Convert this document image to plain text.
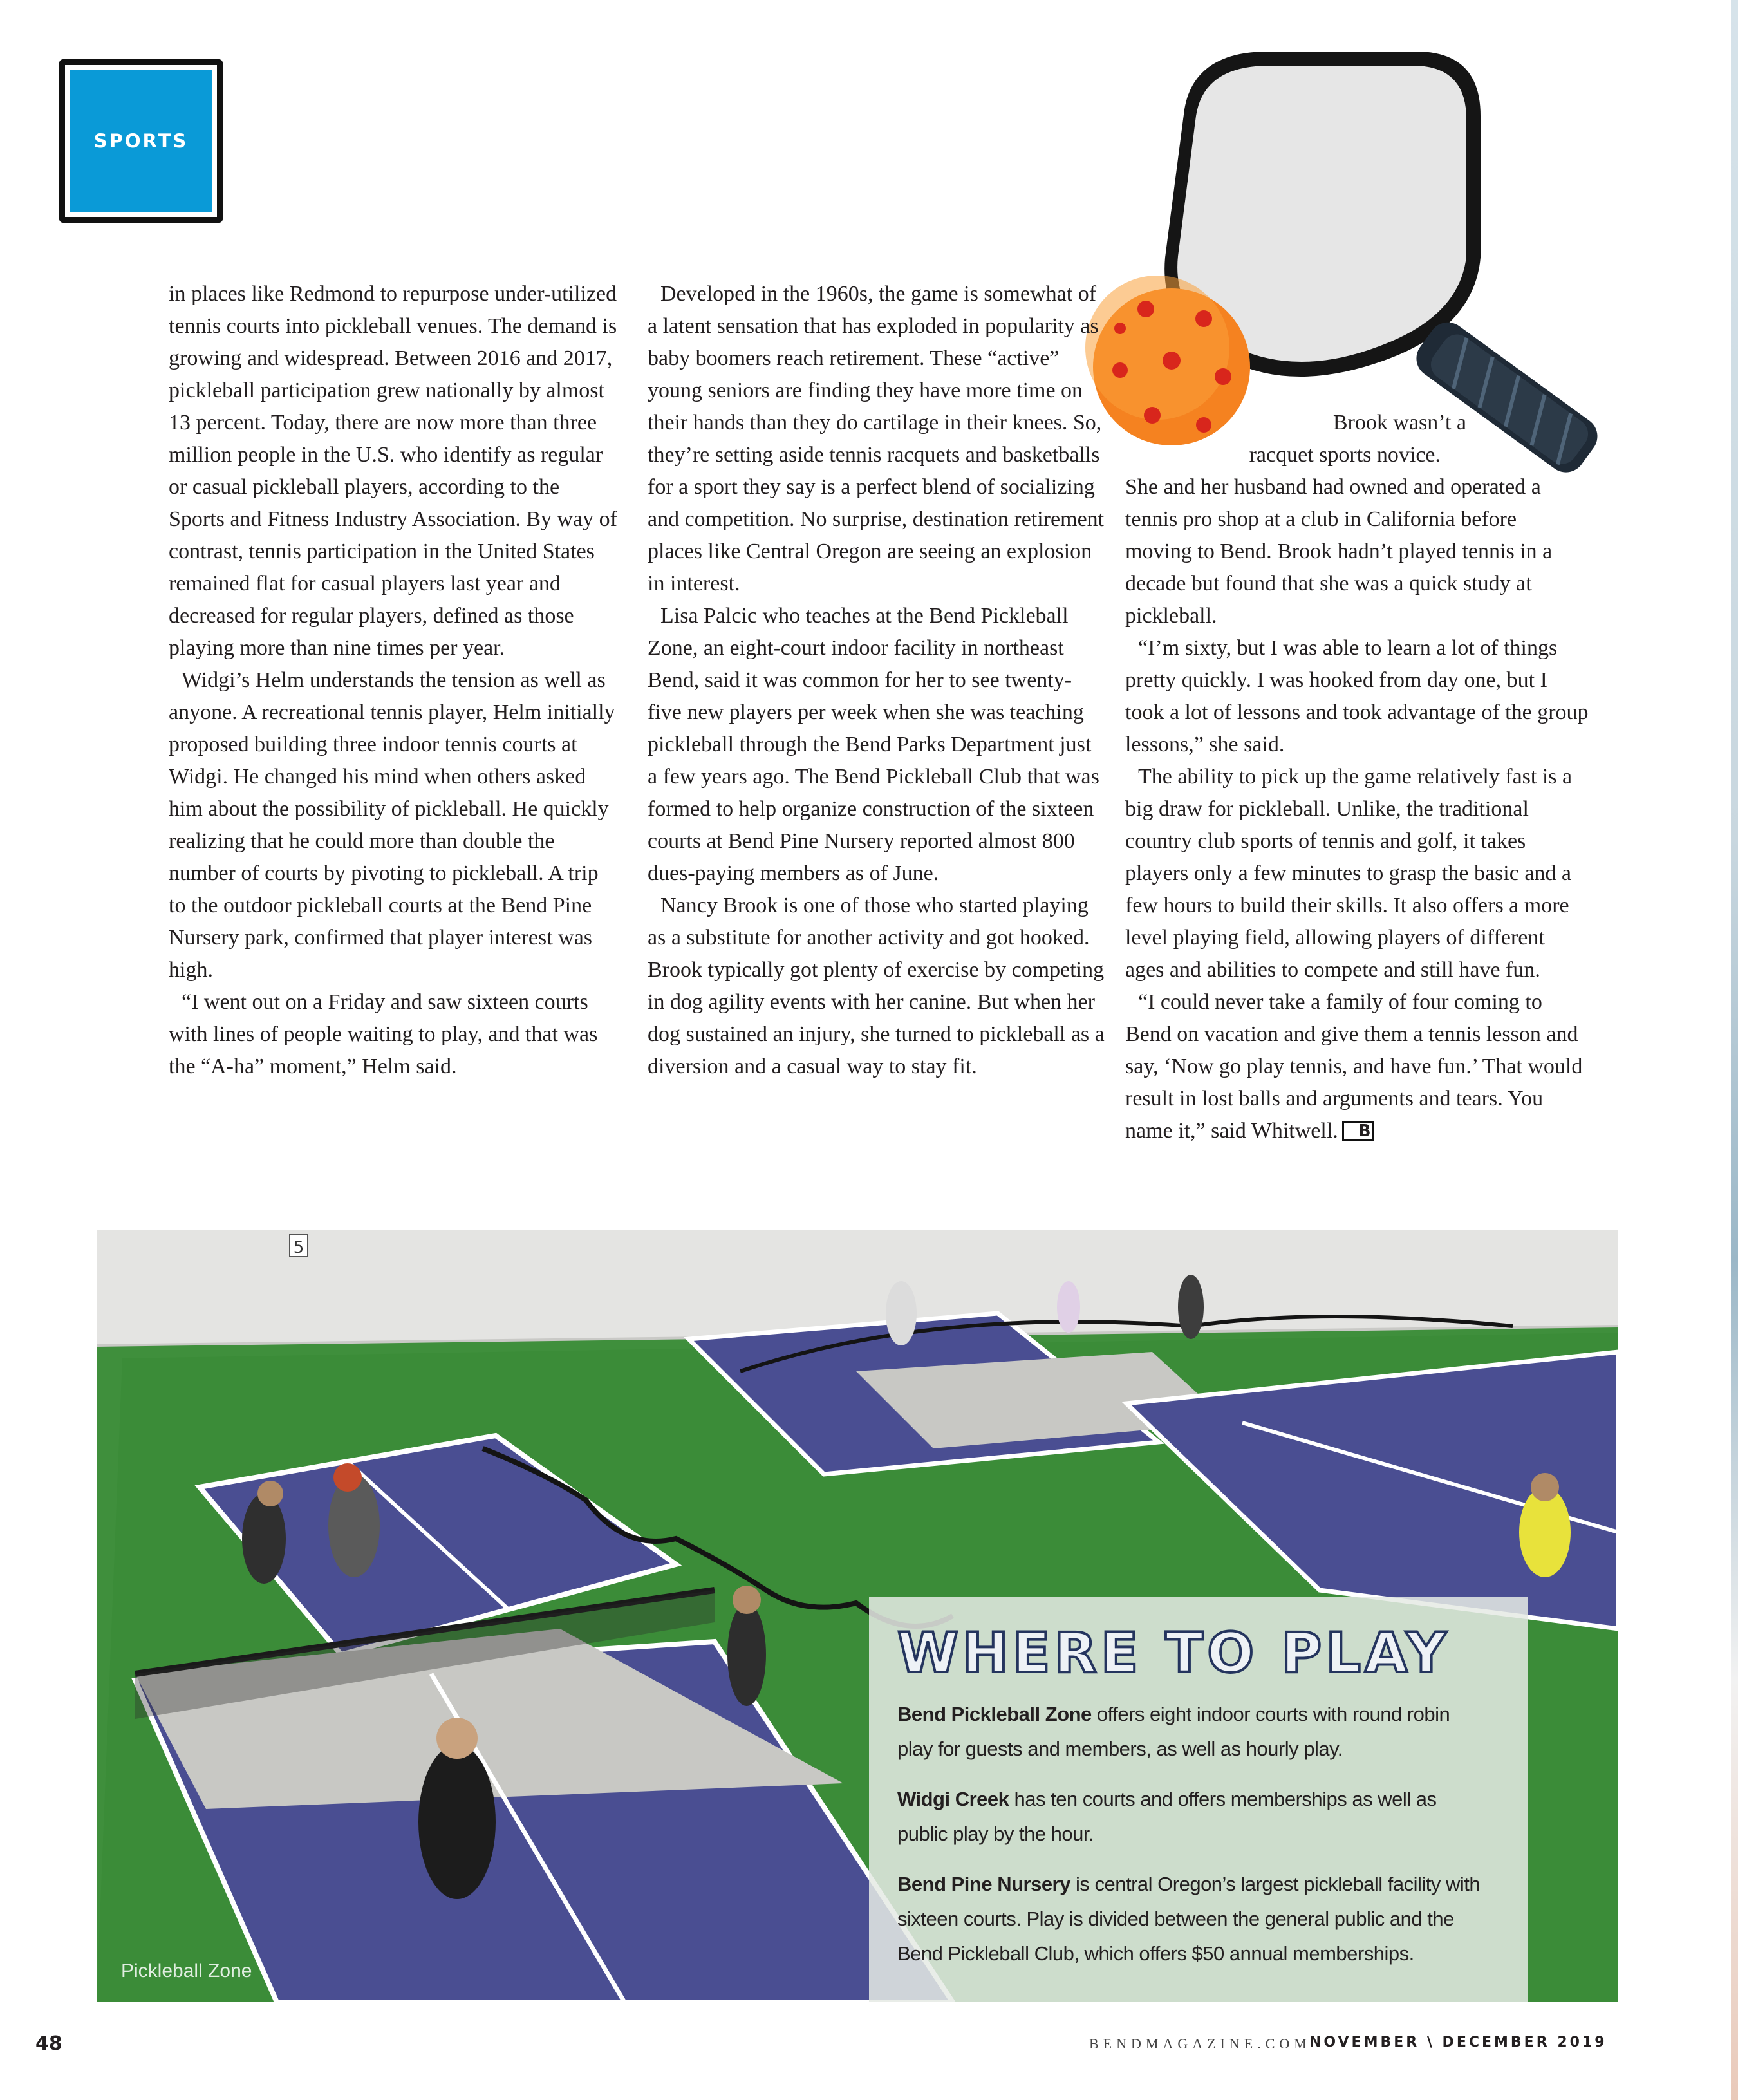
SPORTS

in places like Redmond to repurpose under-utilized tennis courts into pickleball venues. The demand is growing and widespread. Between 2016 and 2017, pickleball participation grew nationally by almost 13 percent. Today, there are now more than three million people in the U.S. who identify as regular or casual pickleball players, according to the Sports and Fitness Industry Association. By way of contrast, tennis participation in the United States remained flat for casual players last year and decreased for regular players, defined as those playing more than nine times per year.

Widgi’s Helm understands the tension as well as anyone. A recreational tennis player, Helm initially proposed building three indoor tennis courts at Widgi. He changed his mind when others asked him about the possibility of pickleball. He quickly realizing that he could more than double the number of courts by pivoting to pickleball. A trip to the outdoor pickleball courts at the Bend Pine Nursery park, confirmed that player interest was high.

“I went out on a Friday and saw sixteen courts with lines of people waiting to play, and that was the “A-ha” moment,” Helm said.

Developed in the 1960s, the game is somewhat of a latent sensation that has exploded in popularity as baby boomers reach retirement. These “active” young seniors are finding they have more time on their hands than they do cartilage in their knees. So, they’re setting aside tennis racquets and basketballs for a sport they say is a perfect blend of socializing and competition. No surprise, destination retirement places like Central Oregon are seeing an explosion in interest.

Lisa Palcic who teaches at the Bend Pickleball Zone, an eight-court indoor facility in northeast Bend, said it was common for her to see twenty-five new players per week when she was teaching pickleball through the Bend Parks Department just a few years ago. The Bend Pickleball Club that was formed to help organize construction of the sixteen courts at Bend Pine Nursery reported almost 800 dues-paying members as of June.

Nancy Brook is one of those who started playing as a substitute for another activity and got hooked. Brook typically got plenty of exercise by competing in dog agility events with her canine. But when her dog sustained an injury, she turned to pickleball as a diversion and a casual way to stay fit.

Brook wasn’t a
racquet sports novice.

She and her husband had owned and operated a tennis pro shop at a club in California before moving to Bend. Brook hadn’t played tennis in a decade but found that she was a quick study at pickleball.

“I’m sixty, but I was able to learn a lot of things pretty quickly. I was hooked from day one, but I took a lot of lessons and took advantage of the group lessons,” she said.

The ability to pick up the game relatively fast is a big draw for pickleball. Unlike, the traditional country club sports of tennis and golf, it takes players only a few minutes to grasp the basic and a few hours to build their skills. It also offers a more level playing field, allowing players of different ages and abilities to compete and still have fun.

“I could never take a family of four coming to Bend on vacation and give them a tennis lesson and say, ‘Now go play tennis, and have fun.’ That would result in lost balls and arguments and tears. You name it,” said Whitwell. B

5
Pickleball Zone
WHERE TO PLAY

Bend Pickleball Zone offers eight indoor courts with round robin play for guests and members, as well as hourly play.

Widgi Creek has ten courts and offers memberships as well as public play by the hour.

Bend Pine Nursery is central Oregon’s largest pickleball facility with sixteen courts. Play is divided between the general public and the Bend Pickleball Club, which offers $50 annual memberships.

48	BENDMAGAZINE.COM
NOVEMBER \ DECEMBER 2019
